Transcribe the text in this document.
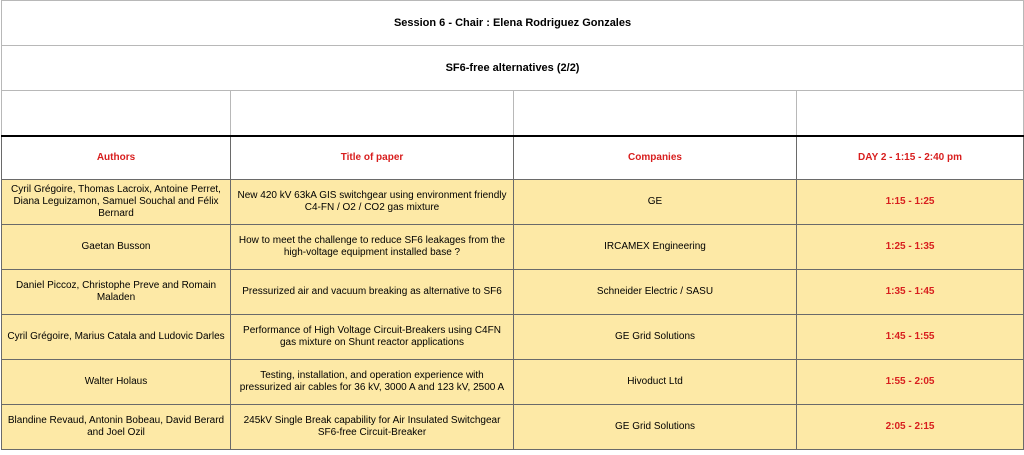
Session 6 - Chair : Elena Rodriguez Gonzales			
SF6-free alternatives (2/2)			

Authors	Title of paper	Companies	DAY 2 - 1:15 - 2:40 pm
Cyril Grégoire, Thomas Lacroix, Antoine Perret, Diana Leguizamon, Samuel Souchal and Félix Bernard	New 420 kV 63kA GIS switchgear using environment friendly C4-FN / O2 / CO2 gas mixture	GE	1:15 - 1:25
Gaetan Busson	How to meet the challenge to reduce SF6 leakages from the high-voltage equipment installed base ?	IRCAMEX Engineering	1:25 - 1:35
Daniel Piccoz, Christophe Preve and Romain Maladen	Pressurized air and vacuum breaking as alternative to SF6	Schneider Electric / SASU	1:35 - 1:45
Cyril Grégoire, Marius Catala and Ludovic Darles	Performance of High Voltage Circuit-Breakers using C4FN gas mixture on Shunt reactor applications	GE Grid Solutions	1:45 - 1:55
Walter Holaus	Testing, installation, and operation experience with pressurized air cables for 36 kV, 3000 A and 123 kV, 2500 A	Hivoduct Ltd	1:55 - 2:05
Blandine Revaud, Antonin Bobeau, David Berard and Joel Ozil	245kV Single Break capability for Air Insulated Switchgear SF6-free Circuit-Breaker	GE Grid Solutions	2:05 - 2:15
